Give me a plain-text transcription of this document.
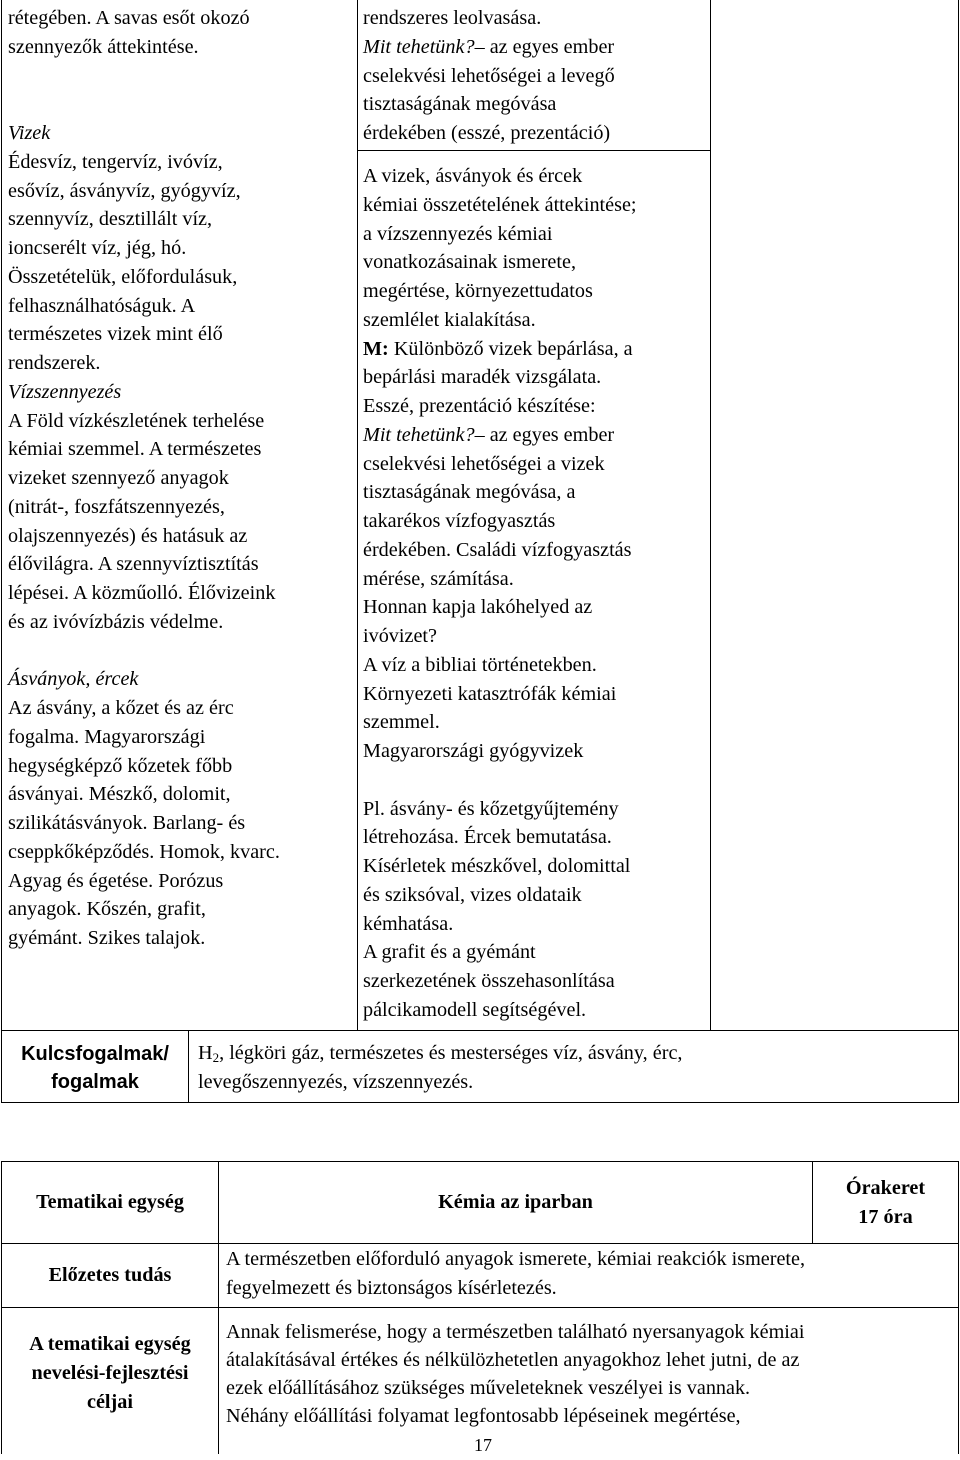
rétegében. A savas esőt okozó
szennyezők áttekintése.
Vizek
Édesvíz, tengervíz, ivóvíz,
esővíz, ásványvíz, gyógyvíz,
szennyvíz, desztillált víz,
ioncserélt víz, jég, hó.
Összetételük, előfordulásuk,
felhasználhatóságuk. A
természetes vizek mint élő
rendszerek.
Vízszennyezés
A Föld vízkészletének terhelése
kémiai szemmel. A természetes
vizeket szennyező anyagok
(nitrát-, foszfátszennyezés,
olajszennyezés) és hatásuk az
élővilágra. A szennyvíztisztítás
lépései. A közműolló. Élővizeink
és az ivóvízbázis védelme.
Ásványok, ércek
Az ásvány, a kőzet és az érc
fogalma. Magyarországi
hegységképző kőzetek főbb
ásványai. Mészkő, dolomit,
szilikátásványok. Barlang- és
cseppkőképződés. Homok, kvarc.
Agyag és égetése. Porózus
anyagok. Kőszén, grafit,
gyémánt. Szikes talajok.
rendszeres leolvasása.
Mit tehetünk?– az egyes ember
cselekvési lehetőségei a levegő
tisztaságának megóvása
érdekében (esszé, prezentáció)
A vizek, ásványok és ércek
kémiai összetételének áttekintése;
a vízszennyezés kémiai
vonatkozásainak ismerete,
megértése, környezettudatos
szemlélet kialakítása.
M: Különböző vizek bepárlása, a
bepárlási maradék vizsgálata.
Esszé, prezentáció készítése:
Mit tehetünk?– az egyes ember
cselekvési lehetőségei a vizek
tisztaságának megóvása, a
takarékos vízfogyasztás
érdekében. Családi vízfogyasztás
mérése, számítása.
Honnan kapja lakóhelyed az
ivóvizet?
A víz a bibliai történetekben.
Környezeti katasztrófák kémiai
szemmel.
Magyarországi gyógyvizek
Pl. ásvány- és kőzetgyűjtemény
létrehozása. Ércek bemutatása.
Kísérletek mészkővel, dolomittal
és sziksóval, vizes oldataik
kémhatása.
A grafit és a gyémánt
szerkezetének összehasonlítása
pálcikamodell segítségével.
Kulcsfogalmak/
fogalmak
$H_2$, légköri gáz, természetes és mesterséges víz, ásvány, érc,
levegőszennyezés, vízszennyezés.
Tematikai egység	Kémia az iparban
Órakeret
17 óra
Előzetes tudás
A természetben előforduló anyagok ismerete, kémiai reakciók ismerete,
fegyelmezett és biztonságos kísérletezés.
A tematikai egység
nevelési-fejlesztési
céljai
Annak felismerése, hogy a természetben található nyersanyagok kémiai
átalakításával értékes és nélkülözhetetlen anyagokhoz lehet jutni, de az
ezek előállításához szükséges műveleteknek veszélyei is vannak.
Néhány előállítási folyamat legfontosabb lépéseinek megértése,
17
